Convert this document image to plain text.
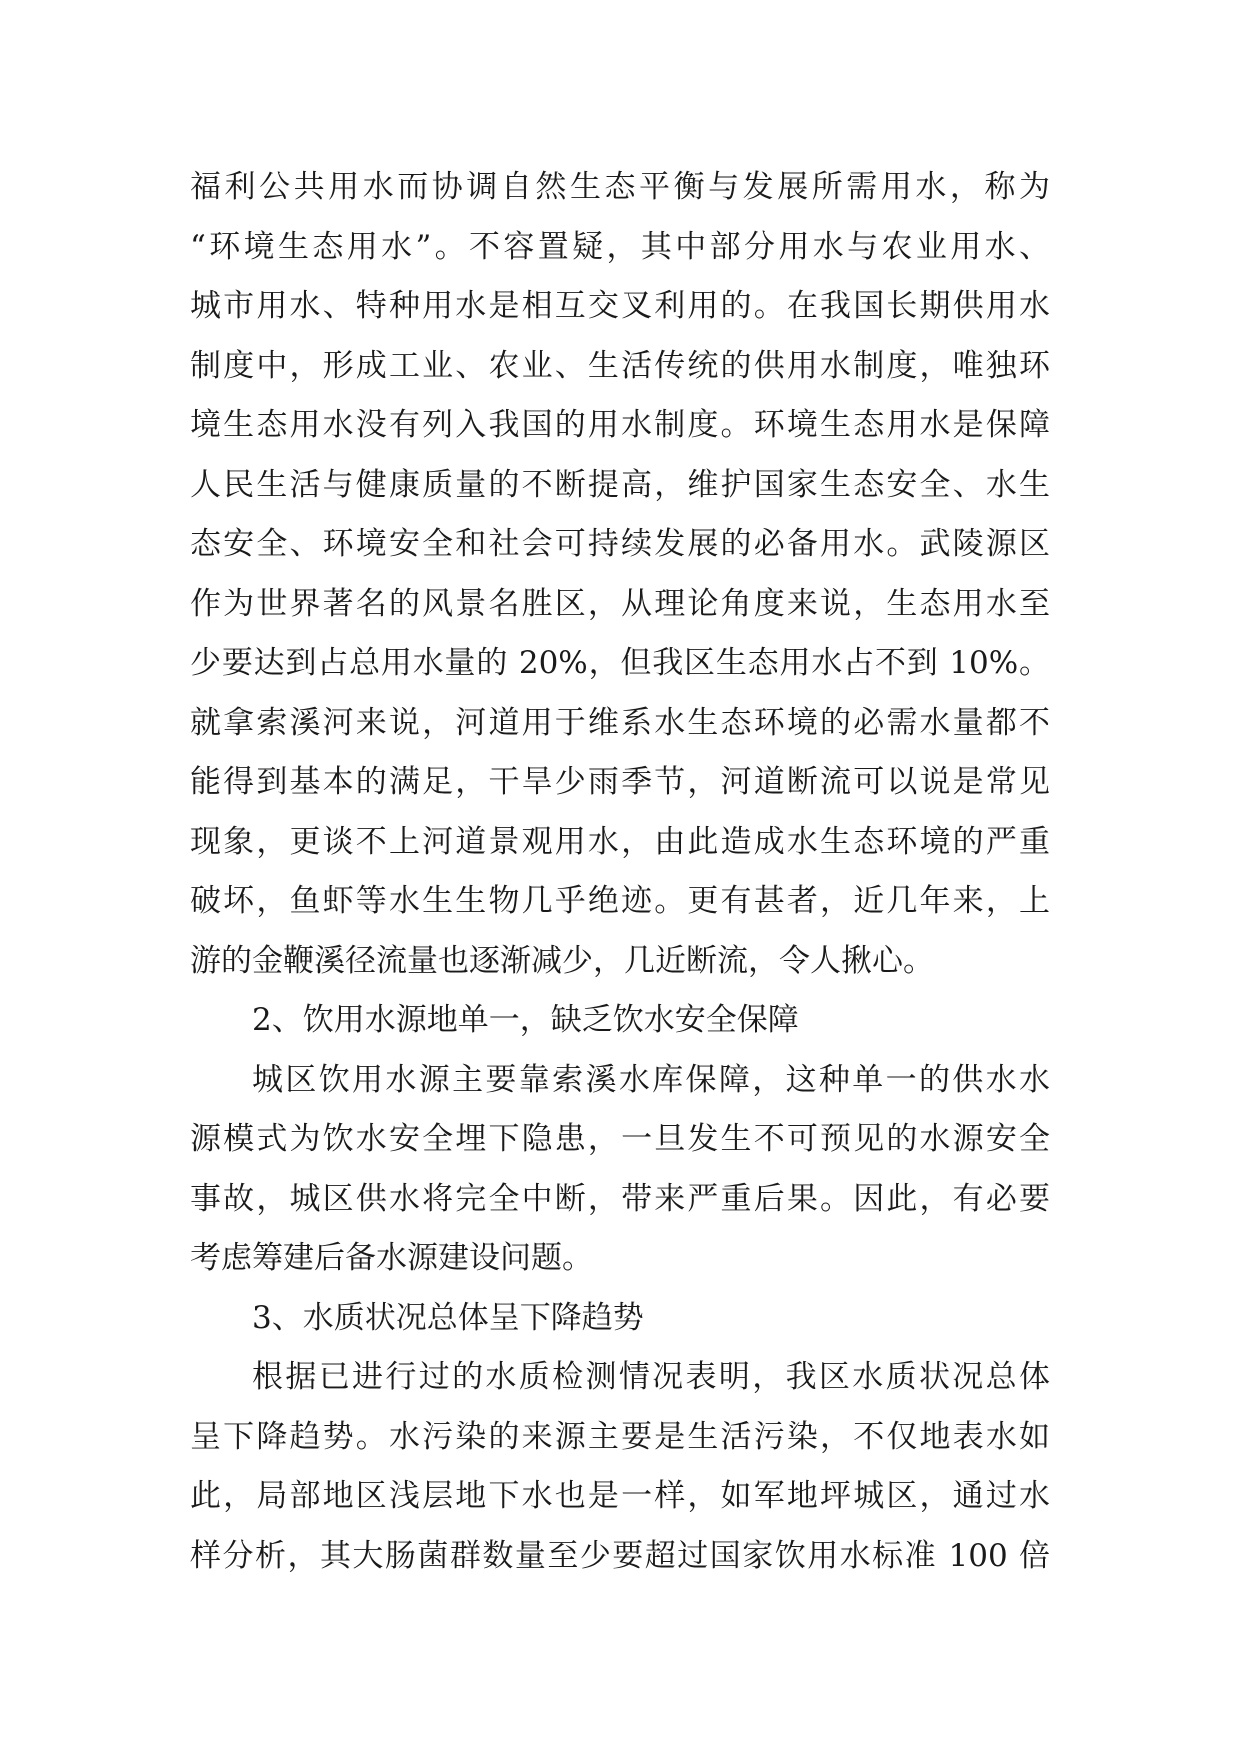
福利公共用水而协调自然生态平衡与发展所需用水，称为
“环境生态用水”。不容置疑，其中部分用水与农业用水、
城市用水、特种用水是相互交叉利用的。在我国长期供用水
制度中，形成工业、农业、生活传统的供用水制度，唯独环
境生态用水没有列入我国的用水制度。环境生态用水是保障
人民生活与健康质量的不断提高，维护国家生态安全、水生
态安全、环境安全和社会可持续发展的必备用水。武陵源区
作为世界著名的风景名胜区，从理论角度来说，生态用水至
少要达到占总用水量的 20%，但我区生态用水占不到 10%。
就拿索溪河来说，河道用于维系水生态环境的必需水量都不
能得到基本的满足，干旱少雨季节，河道断流可以说是常见
现象，更谈不上河道景观用水，由此造成水生态环境的严重
破坏，鱼虾等水生生物几乎绝迹。更有甚者，近几年来，上
游的金鞭溪径流量也逐渐减少，几近断流，令人揪心。
2、饮用水源地单一，缺乏饮水安全保障
城区饮用水源主要靠索溪水库保障，这种单一的供水水
源模式为饮水安全埋下隐患，一旦发生不可预见的水源安全
事故，城区供水将完全中断，带来严重后果。因此，有必要
考虑筹建后备水源建设问题。
3、水质状况总体呈下降趋势
根据已进行过的水质检测情况表明，我区水质状况总体
呈下降趋势。水污染的来源主要是生活污染，不仅地表水如
此，局部地区浅层地下水也是一样，如军地坪城区，通过水
样分析，其大肠菌群数量至少要超过国家饮用水标准 100 倍
